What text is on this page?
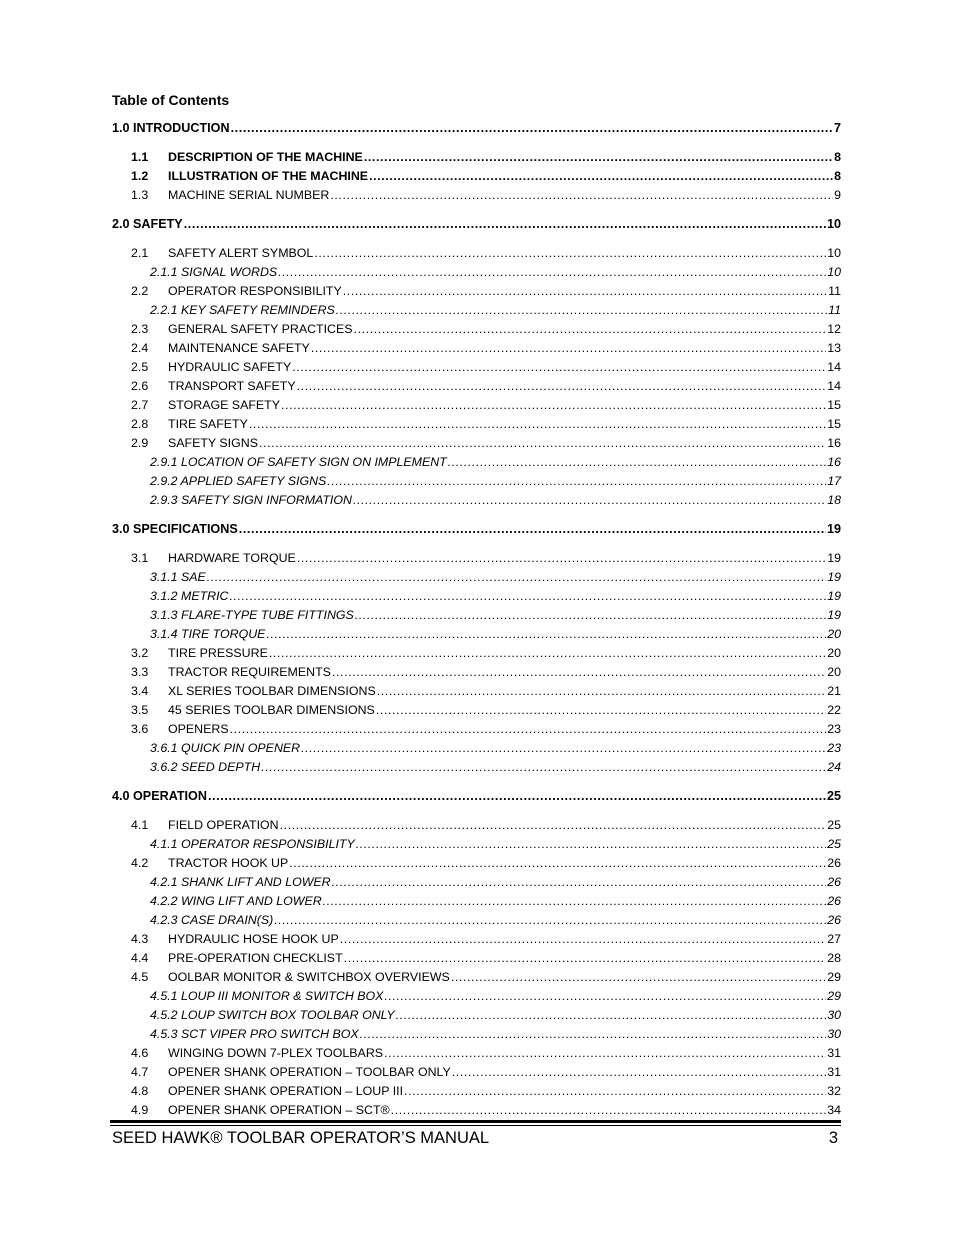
Table of Contents
1.0 INTRODUCTION .....	7
1.1	DESCRIPTION OF THE MACHINE .....	8
1.2	ILLUSTRATION OF THE MACHINE .....	8
1.3	MACHINE SERIAL NUMBER .....	9
2.0 SAFETY .....	10
2.1	SAFETY ALERT SYMBOL .....	10
2.1.1 SIGNAL WORDS .....	10
2.2	OPERATOR RESPONSIBILITY .....	11
2.2.1 KEY SAFETY REMINDERS .....	11
2.3	GENERAL SAFETY PRACTICES .....	12
2.4	MAINTENANCE SAFETY .....	13
2.5	HYDRAULIC SAFETY .....	14
2.6	TRANSPORT SAFETY .....	14
2.7	STORAGE SAFETY .....	15
2.8	TIRE SAFETY .....	15
2.9	SAFETY SIGNS .....	16
2.9.1 LOCATION OF SAFETY SIGN ON IMPLEMENT .....	16
2.9.2 APPLIED SAFETY SIGNS .....	17
2.9.3 SAFETY SIGN INFORMATION .....	18
3.0 SPECIFICATIONS .....	19
3.1	HARDWARE TORQUE .....	19
3.1.1 SAE .....	19
3.1.2 METRIC .....	19
3.1.3 FLARE-TYPE TUBE FITTINGS .....	19
3.1.4 TIRE TORQUE .....	20
3.2	TIRE PRESSURE .....	20
3.3	TRACTOR REQUIREMENTS .....	20
3.4	XL SERIES TOOLBAR DIMENSIONS .....	21
3.5	45 SERIES TOOLBAR DIMENSIONS .....	22
3.6	OPENERS .....	23
3.6.1 QUICK PIN OPENER .....	23
3.6.2 SEED DEPTH .....	24
4.0 OPERATION .....	25
4.1	FIELD OPERATION .....	25
4.1.1 OPERATOR RESPONSIBILITY .....	25
4.2	TRACTOR HOOK UP .....	26
4.2.1 SHANK LIFT AND LOWER .....	26
4.2.2 WING LIFT AND LOWER .....	26
4.2.3 CASE DRAIN(S) .....	26
4.3	HYDRAULIC HOSE HOOK UP .....	27
4.4	PRE-OPERATION CHECKLIST .....	28
4.5	OOLBAR MONITOR & SWITCHBOX OVERVIEWS .....	29
4.5.1 LOUP III MONITOR & SWITCH BOX .....	29
4.5.2 LOUP SWITCH BOX TOOLBAR ONLY .....	30
4.5.3 SCT VIPER PRO SWITCH BOX .....	30
4.6	WINGING DOWN 7-PLEX TOOLBARS .....	31
4.7	OPENER SHANK OPERATION – TOOLBAR ONLY .....	31
4.8	OPENER SHANK OPERATION – LOUP III .....	32
4.9	OPENER SHANK OPERATION – SCT® .....	34
SEED HAWK® TOOLBAR OPERATOR’S MANUAL	3
